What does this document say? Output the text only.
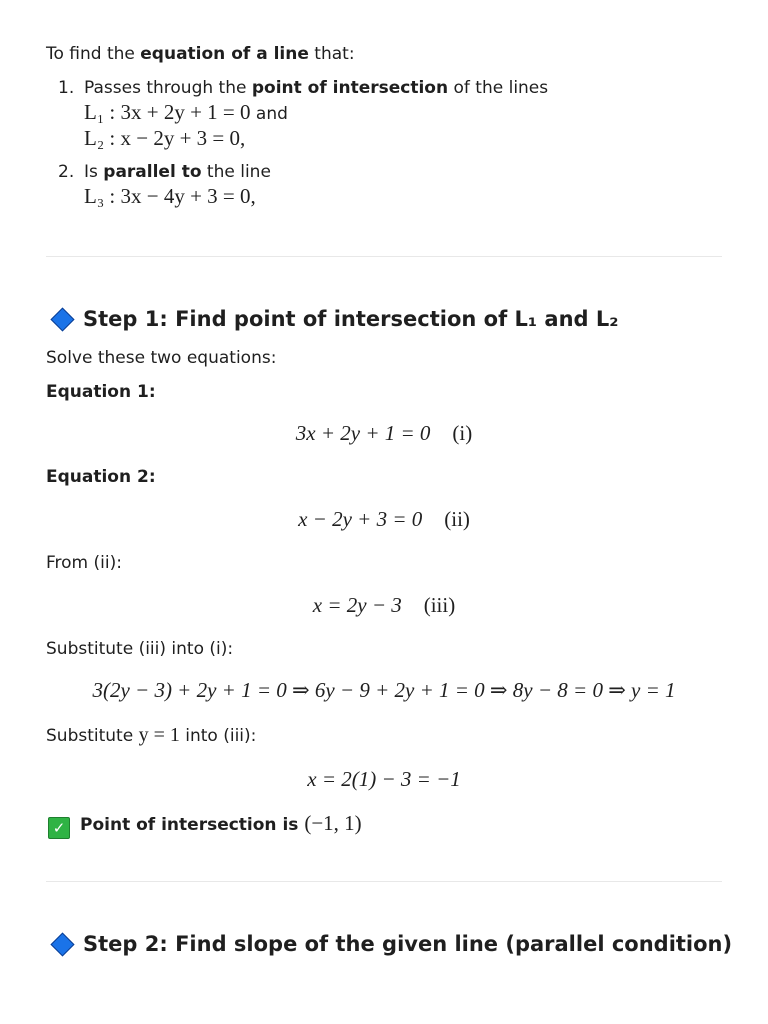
To find the equation of a line that:
1. Passes through the point of intersection of the lines
L₁ : 3x + 2y + 1 = 0 and
L₂ : x − 2y + 3 = 0,
2. Is parallel to the line
L₃ : 3x − 4y + 3 = 0,
Step 1: Find point of intersection of L₁ and L₂
Solve these two equations:
Equation 1:
3x + 2y + 1 = 0 (i)
Equation 2:
x − 2y + 3 = 0 (ii)
From (ii):
x = 2y − 3 (iii)
Substitute (iii) into (i):
3(2y − 3) + 2y + 1 = 0 ⇒ 6y − 9 + 2y + 1 = 0 ⇒ 8y − 8 = 0 ⇒ y = 1
Substitute y = 1 into (iii):
x = 2(1) − 3 = −1
✓ Point of intersection is (−1, 1)
Step 2: Find slope of the given line (parallel condition)
